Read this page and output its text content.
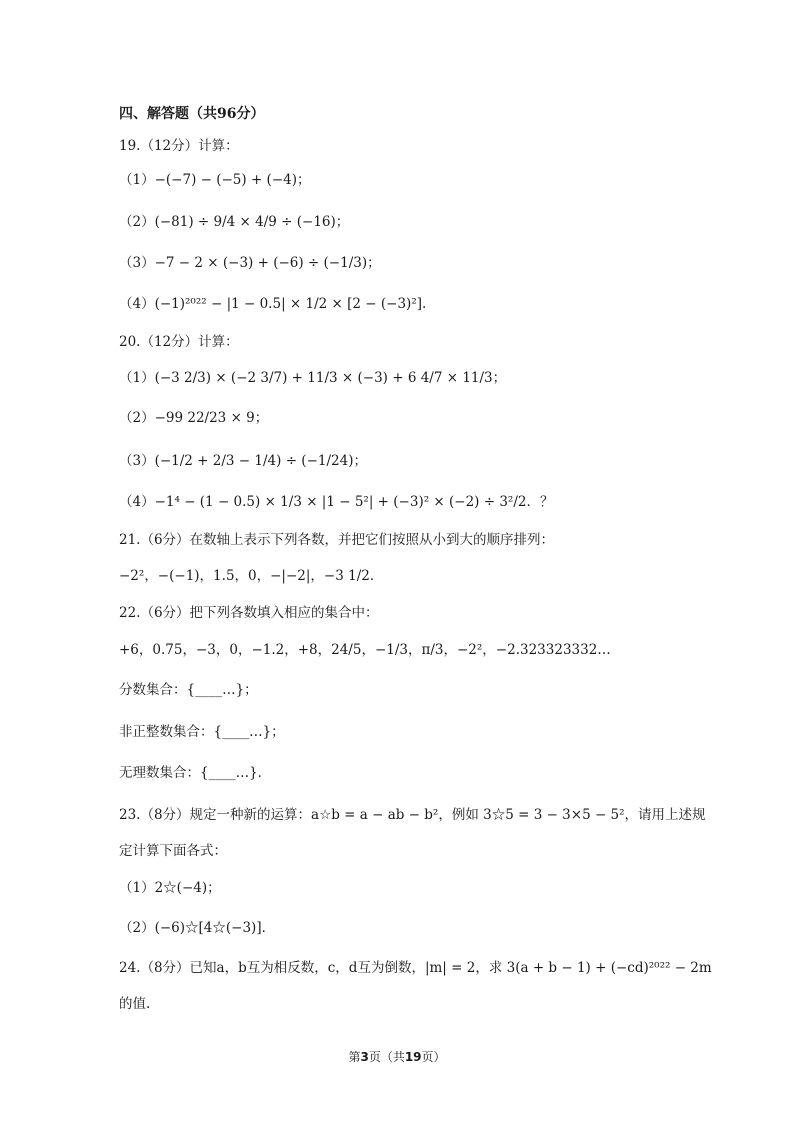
四、解答题（共96分）
19.（12分）计算：
（1）−(−7) − (−5) + (−4)；
（2）(−81) ÷ 9/4 × 4/9 ÷ (−16)；
（3）−7 − 2 × (−3) + (−6) ÷ (−1/3)；
（4）(−1)²⁰²² − |1 − 0.5| × 1/2 × [2 − (−3)²].
20.（12分）计算：
（1）(−3 2/3) × (−2 3/7) + 11/3 × (−3) + 6 4/7 × 11/3；
（2）−99 22/23 × 9；
（3）(−1/2 + 2/3 − 1/4) ÷ (−1/24)；
（4）−1⁴ − (1 − 0.5) × 1/3 × |1 − 5²| + (−3)² × (−2) ÷ 3²/2．？
21.（6分）在数轴上表示下列各数，并把它们按照从小到大的顺序排列：
−2²，−(−1)，1.5，0，−|−2|，−3 1/2．
22.（6分）把下列各数填入相应的集合中：
+6，0.75，−3，0，−1.2，+8，24/5，−1/3，π/3，−2²，−2.323323332…
分数集合：{____…}；
非正整数集合：{____…}；
无理数集合：{____…}．
23.（8分）规定一种新的运算：a☆b = a − ab − b²，例如 3☆5 = 3 − 3×5 − 5²，请用上述规
定计算下面各式：
（1）2☆(−4)；
（2）(−6)☆[4☆(−3)]．
24.（8分）已知a，b互为相反数，c，d互为倒数，|m| = 2，求 3(a + b − 1) + (−cd)²⁰²² − 2m
的值.
第3页（共19页）
